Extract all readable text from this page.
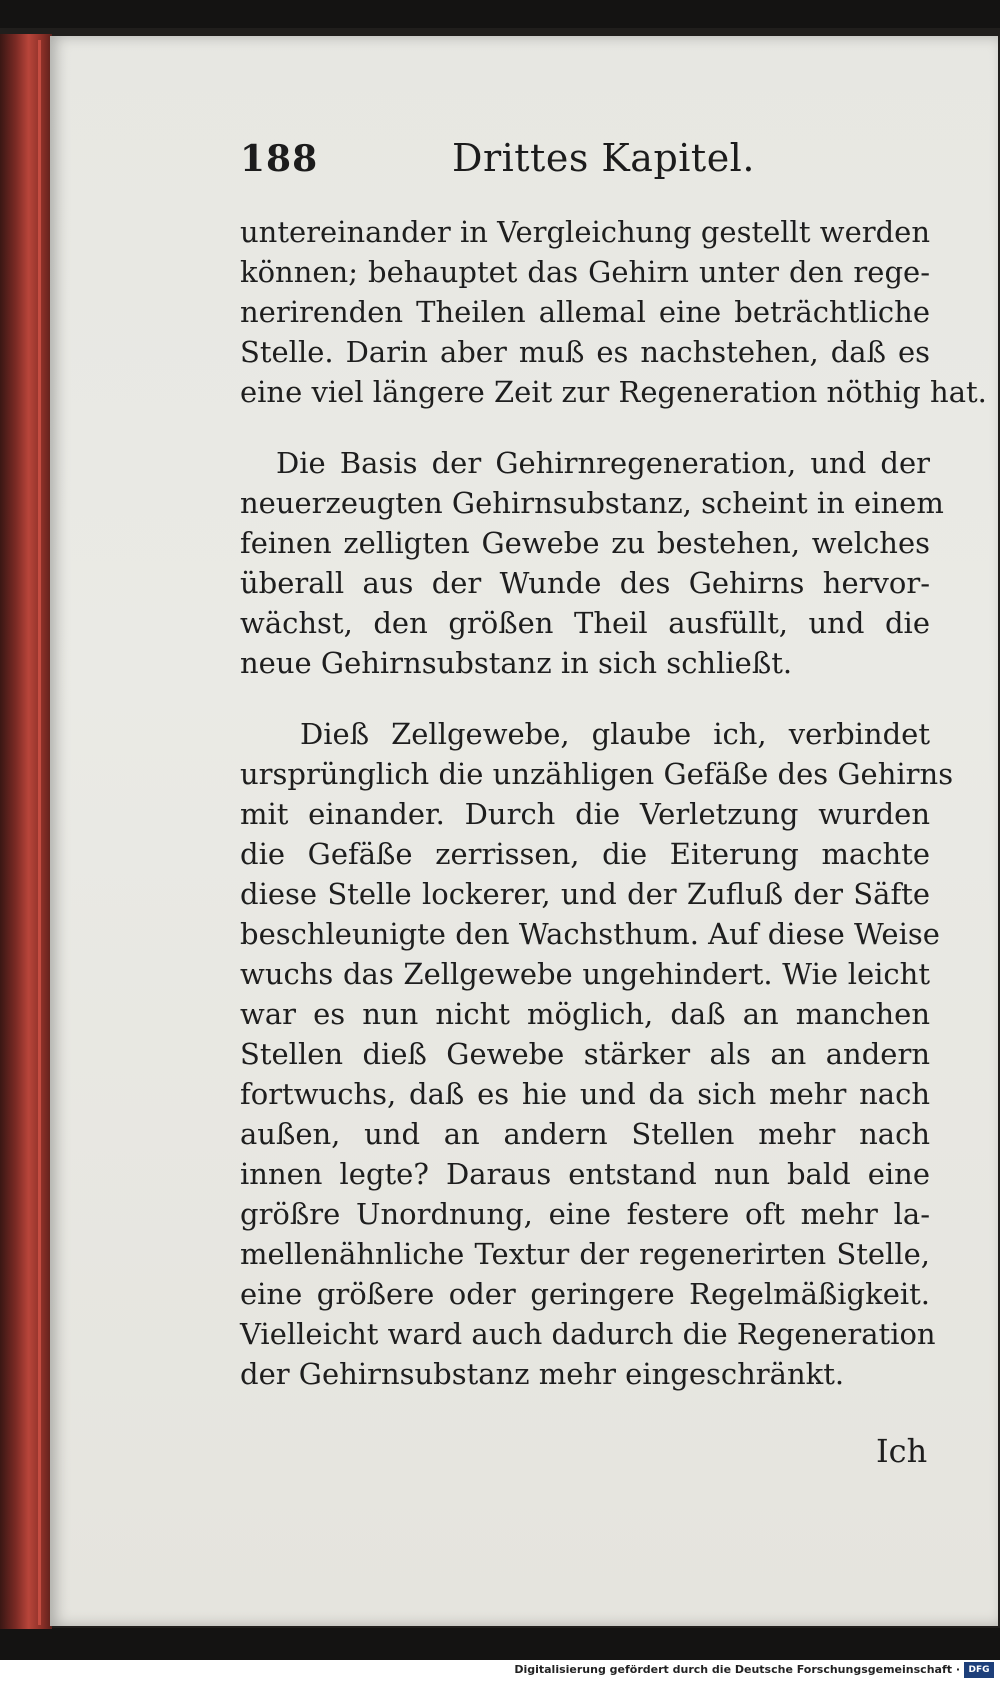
188	Drittes Kapitel.
untereinander in Vergleichung gestellt werden
können; behauptet das Gehirn unter den rege-
nerirenden Theilen allemal eine beträchtliche
Stelle. Darin aber muß es nachstehen, daß es
eine viel längere Zeit zur Regeneration nöthig hat.
Die Basis der Gehirnregeneration, und der
neuerzeugten Gehirnsubstanz, scheint in einem
feinen zelligten Gewebe zu bestehen, welches
überall aus der Wunde des Gehirns hervor-
wächst, den größen Theil ausfüllt, und die
neue Gehirnsubstanz in sich schließt.
Dieß Zellgewebe, glaube ich, verbindet
ursprünglich die unzähligen Gefäße des Gehirns
mit einander. Durch die Verletzung wurden
die Gefäße zerrissen, die Eiterung machte
diese Stelle lockerer, und der Zufluß der Säfte
beschleunigte den Wachsthum. Auf diese Weise
wuchs das Zellgewebe ungehindert. Wie leicht
war es nun nicht möglich, daß an manchen
Stellen dieß Gewebe stärker als an andern
fortwuchs, daß es hie und da sich mehr nach
außen, und an andern Stellen mehr nach
innen legte? Daraus entstand nun bald eine
größre Unordnung, eine festere oft mehr la-
mellenähnliche Textur der regenerirten Stelle,
eine größere oder geringere Regelmäßigkeit.
Vielleicht ward auch dadurch die Regeneration
der Gehirnsubstanz mehr eingeschränkt.
Ich
Digitalisierung gefördert durch die Deutsche Forschungsgemeinschaft · DFG
